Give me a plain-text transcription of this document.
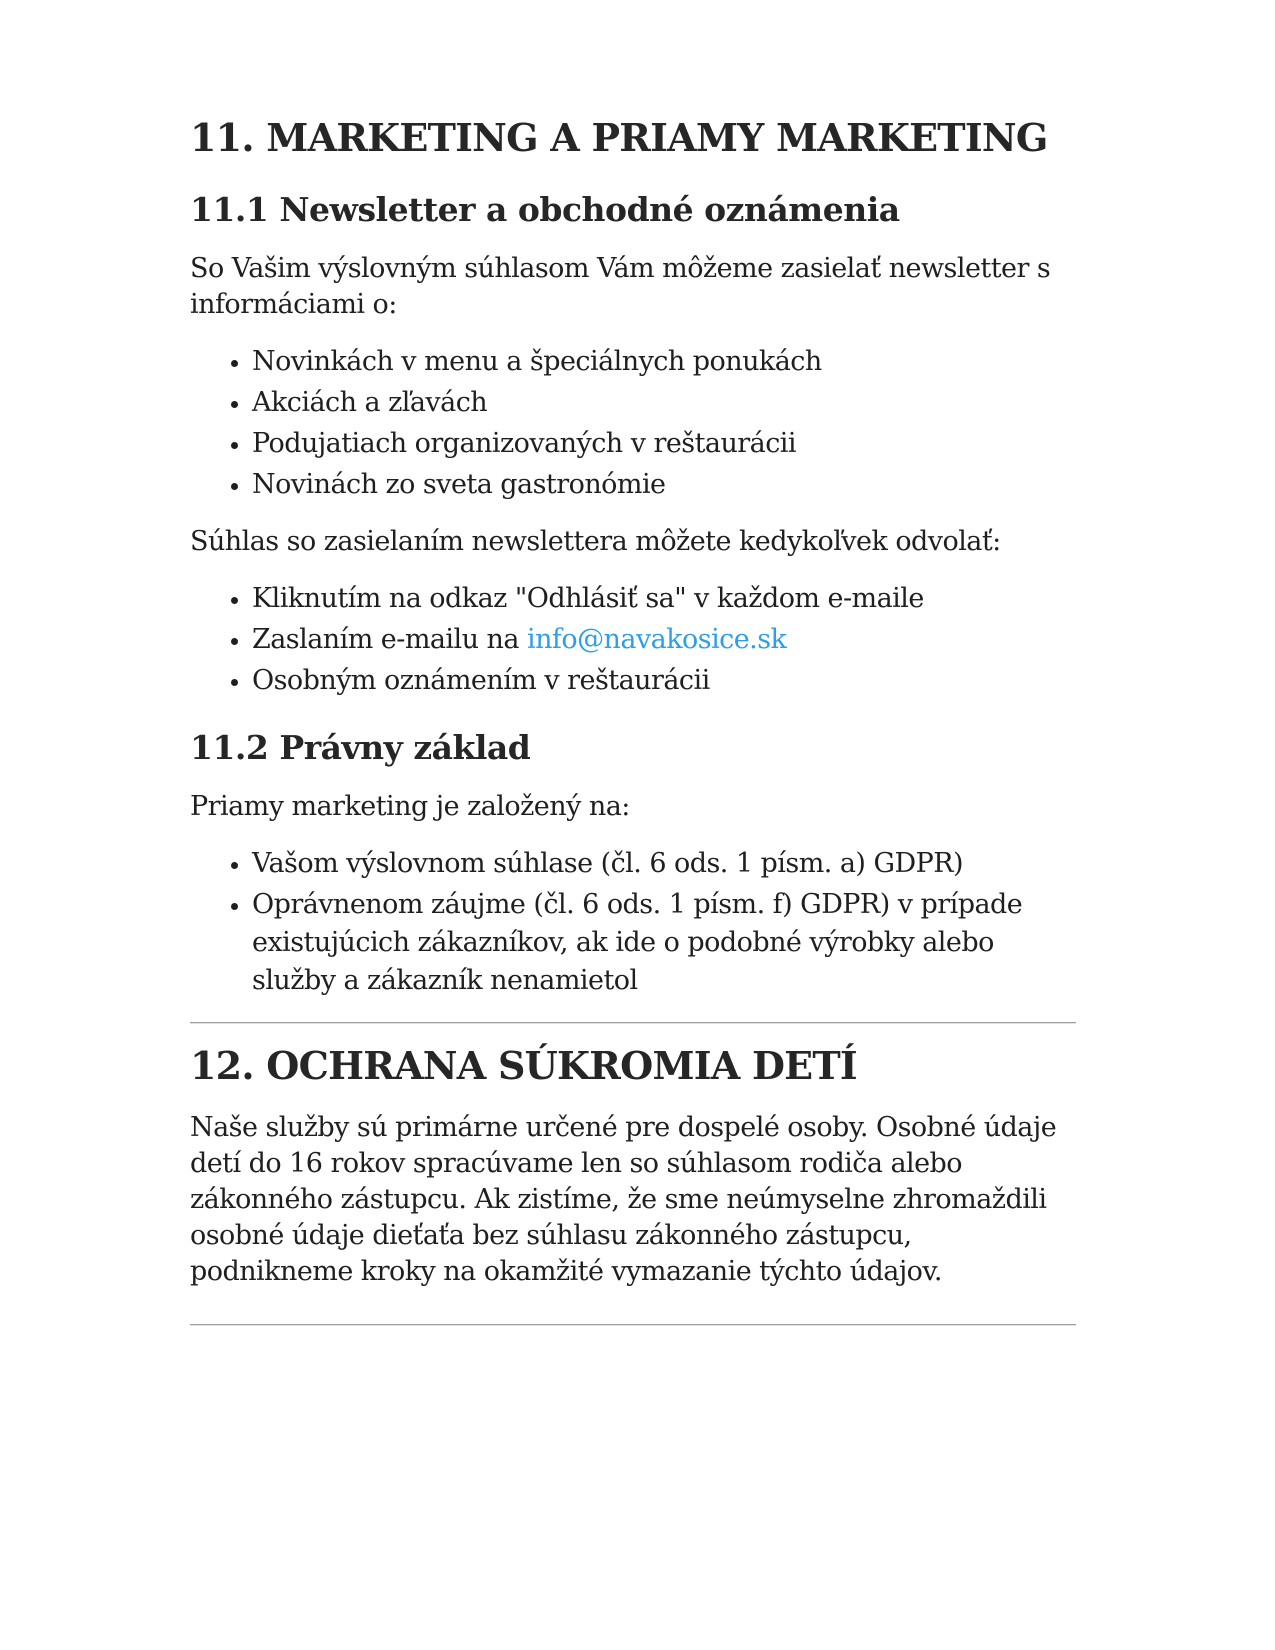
11. MARKETING A PRIAMY MARKETING
11.1 Newsletter a obchodné oznámenia

So Vašim výslovným súhlasom Vám môžeme zasielať newsletter s informáciami o:

• Novinkách v menu a špeciálnych ponukách
• Akciách a zľavách
• Podujatiach organizovaných v reštaurácii
• Novinách zo sveta gastronómie

Súhlas so zasielaním newslettera môžete kedykoľvek odvolať:

• Kliknutím na odkaz "Odhlásiť sa" v každom e-maile
• Zaslaním e-mailu na info@navakosice.sk
• Osobným oznámením v reštaurácii
11.2 Právny základ

Priamy marketing je založený na:

• Vašom výslovnom súhlase (čl. 6 ods. 1 písm. a) GDPR)
• Oprávnenom záujme (čl. 6 ods. 1 písm. f) GDPR) v prípade existujúcich zákazníkov, ak ide o podobné výrobky alebo služby a zákazník nenamietol
12. OCHRANA SÚKROMIA DETÍ

Naše služby sú primárne určené pre dospelé osoby. Osobné údaje detí do 16 rokov spracúvame len so súhlasom rodiča alebo zákonného zástupcu. Ak zistíme, že sme neúmyselne zhromaždili osobné údaje dieťaťa bez súhlasu zákonného zástupcu, podnikneme kroky na okamžité vymazanie týchto údajov.
